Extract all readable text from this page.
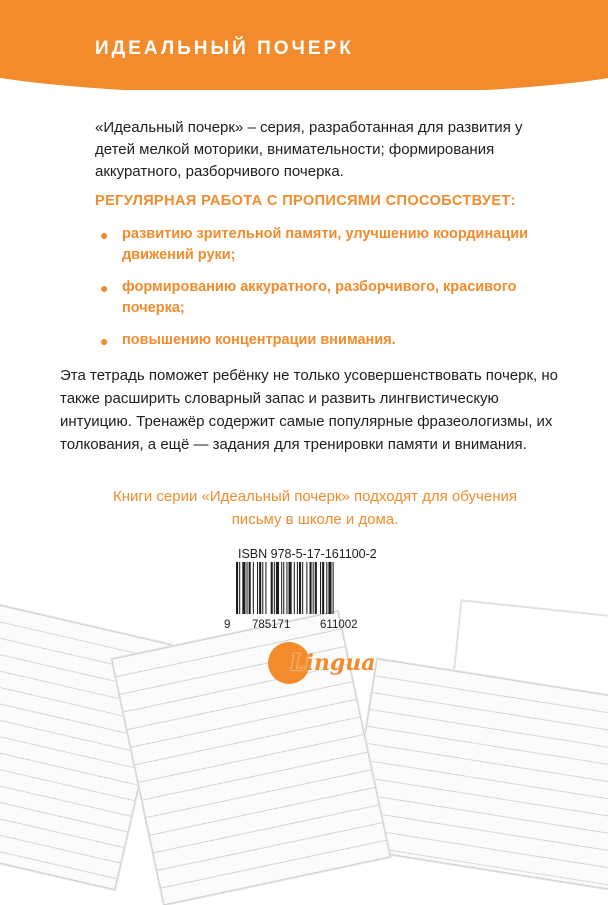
ИДЕАЛЬНЫЙ ПОЧЕРК

«Идеальный почерк» – серия, разработанная для развития у детей мелкой моторики, внимательности; формирования аккуратного, разборчивого почерка.

РЕГУЛЯРНАЯ РАБОТА С ПРОПИСЯМИ СПОСОБСТВУЕТ:
● развитию зрительной памяти, улучшению координации движений руки;
● формированию аккуратного, разборчивого, красивого почерка;
● повышению концентрации внимания.

Эта тетрадь поможет ребёнку не только усовершенствовать почерк, но также расширить словарный запас и развить лингвистическую интуицию. Тренажёр содержит самые популярные фразеологизмы, их толкования, а ещё — задания для тренировки памяти и внимания.

Книги серии «Идеальный почерк» подходят для обучения письму в школе и дома.

ISBN 978-5-17-161100-2
9 785171	611002
Lingua
